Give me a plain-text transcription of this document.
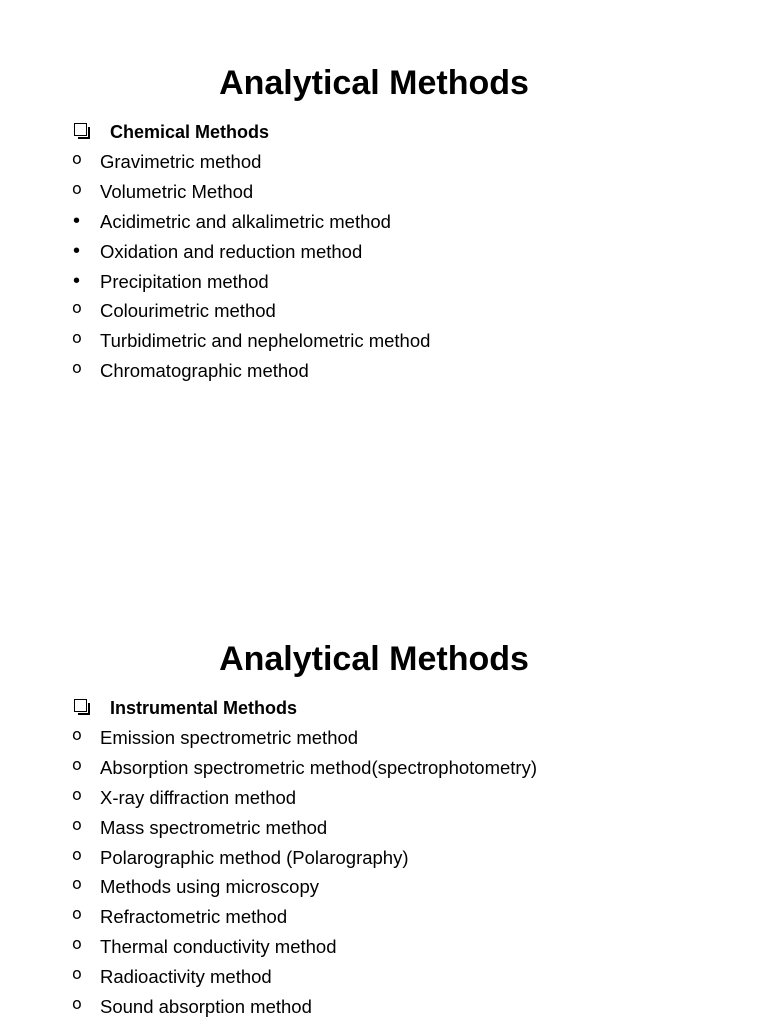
Analytical Methods
Chemical Methods
o Gravimetric method
o Volumetric Method
•	Acidimetric and alkalimetric method
•	Oxidation and reduction method
•	Precipitation method
o Colourimetric method
o Turbidimetric and nephelometric method
o Chromatographic method
Analytical Methods
Instrumental Methods
o Emission spectrometric method
o Absorption spectrometric method(spectrophotometry)
o X-ray diffraction method
o Mass spectrometric method
o Polarographic method (Polarography)
o Methods using microscopy
o Refractometric method
o Thermal conductivity method
o Radioactivity method
o Sound absorption method
